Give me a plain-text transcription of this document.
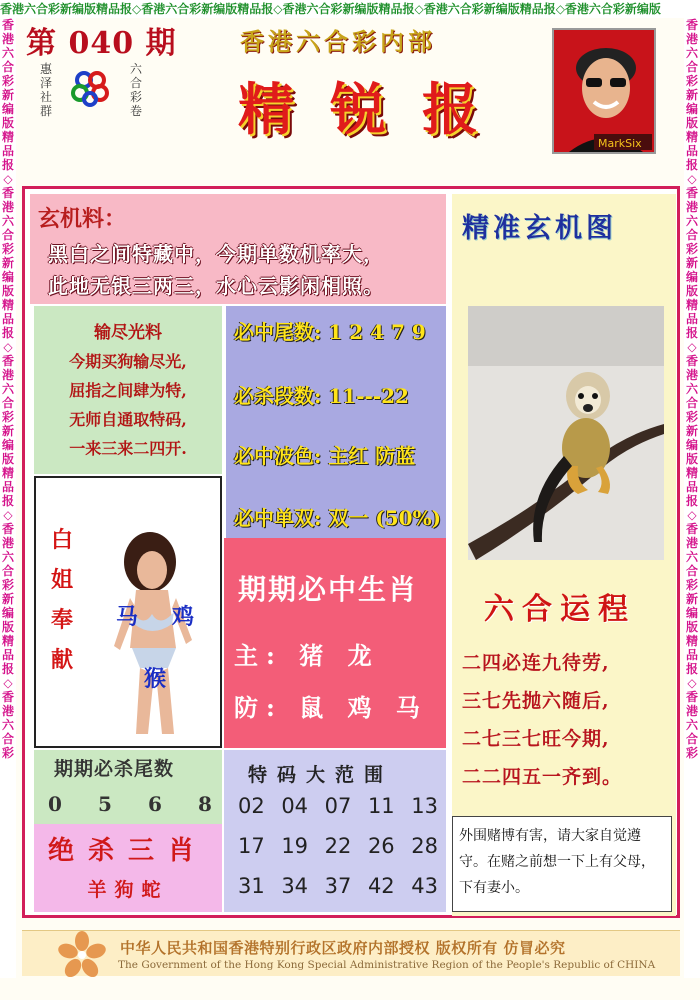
香港六合彩新编版精品报◇香港六合彩新编版精品报◇香港六合彩新编版精品报◇香港六合彩新编版精品报◇香港六合彩新编版
香港六合彩新编版精品报◇香港六合彩新编版精品报◇香港六合彩新编版精品报◇香港六合彩新编版精品报◇香港六合彩
香港六合彩新编版精品报◇香港六合彩新编版精品报◇香港六合彩新编版精品报◇香港六合彩新编版精品报◇香港六合彩
第 040 期
惠泽社群
六合彩卷
香港六合彩内部
精锐报
MarkSix
玄机料：
黑白之间特藏中，今期单数机率大，
此地无银三两三，水心云影闲相照。
输尽光料
今期买狗输尽光,
屈指之间肆为特,
无师自通取特码,
一来三来二四开.
必中尾数: 1 2 4 7 9
必杀段数: 11---22
必中波色: 主红 防蓝
必中单双: 双一 (50%)
白
姐
奉
献
马 鸡
猴
期期必中生肖
主: 猪 龙
防: 鼠 鸡 马
期期必杀尾数
0 5 6 8
绝杀三肖
羊狗蛇
特码大范围
02 04 07 11 13
17 19 22 26 28
31 34 37 42 43
精准玄机图
六合运程
二四必连九待劳,
三七先抛六随后,
二七三七旺今期,
二二四五一齐到。
外围赌博有害，请大家自觉遵守。在赌之前想一下上有父母，下有妻小。
中华人民共和国香港特别行政区政府内部授权 版权所有 仿冒必究
The Government of the Hong Kong Special Administrative Region of the People's Republic of CHINA
